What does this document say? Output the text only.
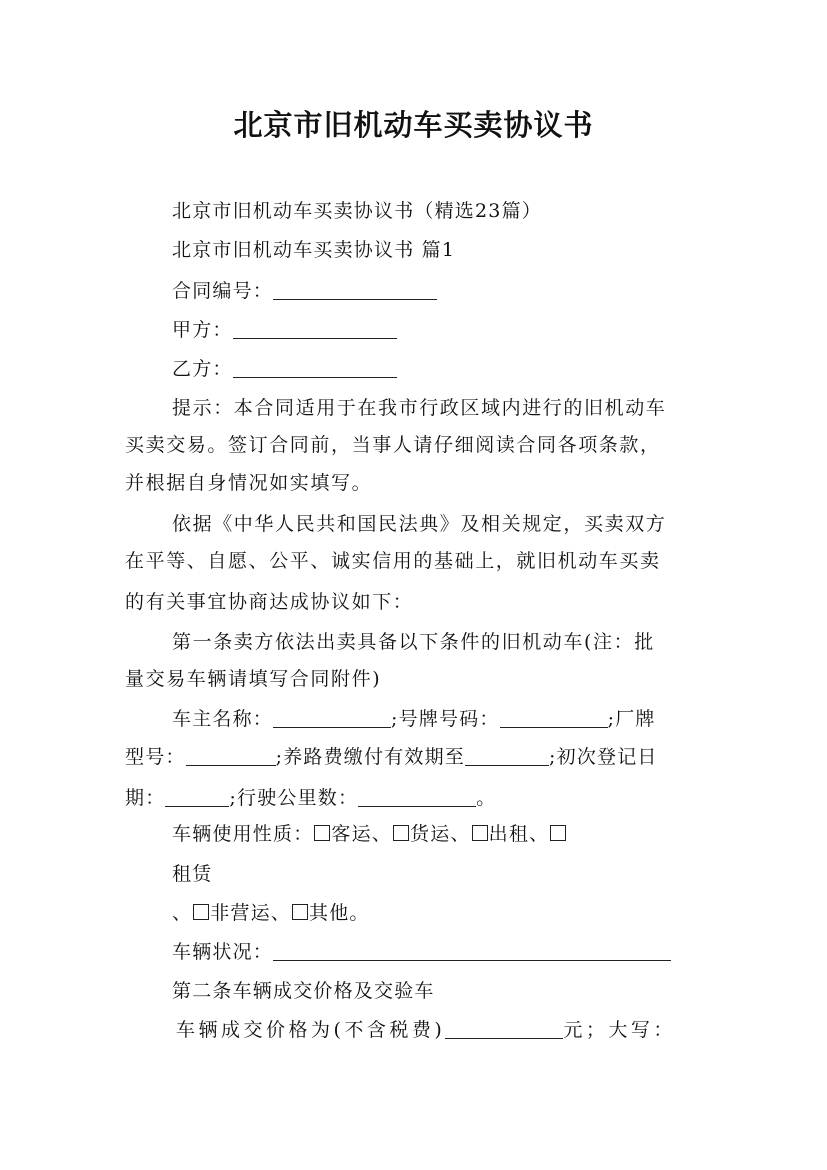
北京市旧机动车买卖协议书
北京市旧机动车买卖协议书（精选23篇）
北京市旧机动车买卖协议书 篇1
合同编号：
甲方：
乙方：
提示：本合同适用于在我市行政区域内进行的旧机动车
买卖交易。签订合同前，当事人请仔细阅读合同各项条款，
并根据自身情况如实填写。
依据《中华人民共和国民法典》及相关规定，买卖双方
在平等、自愿、公平、诚实信用的基础上，就旧机动车买卖
的有关事宜协商达成协议如下：
第一条卖方依法出卖具备以下条件的旧机动车(注：批
量交易车辆请填写合同附件)
车主名称：	;号牌号码：	;厂牌
型号：	;养路费缴付有效期至	;初次登记日
期：	;行驶公里数：	。
车辆使用性质： 客运、 货运、 出租、
租赁
、 非营运、 其他。
车辆状况：
第二条车辆成交价格及交验车
车辆成交价格为(不含税费)	元；大写：
